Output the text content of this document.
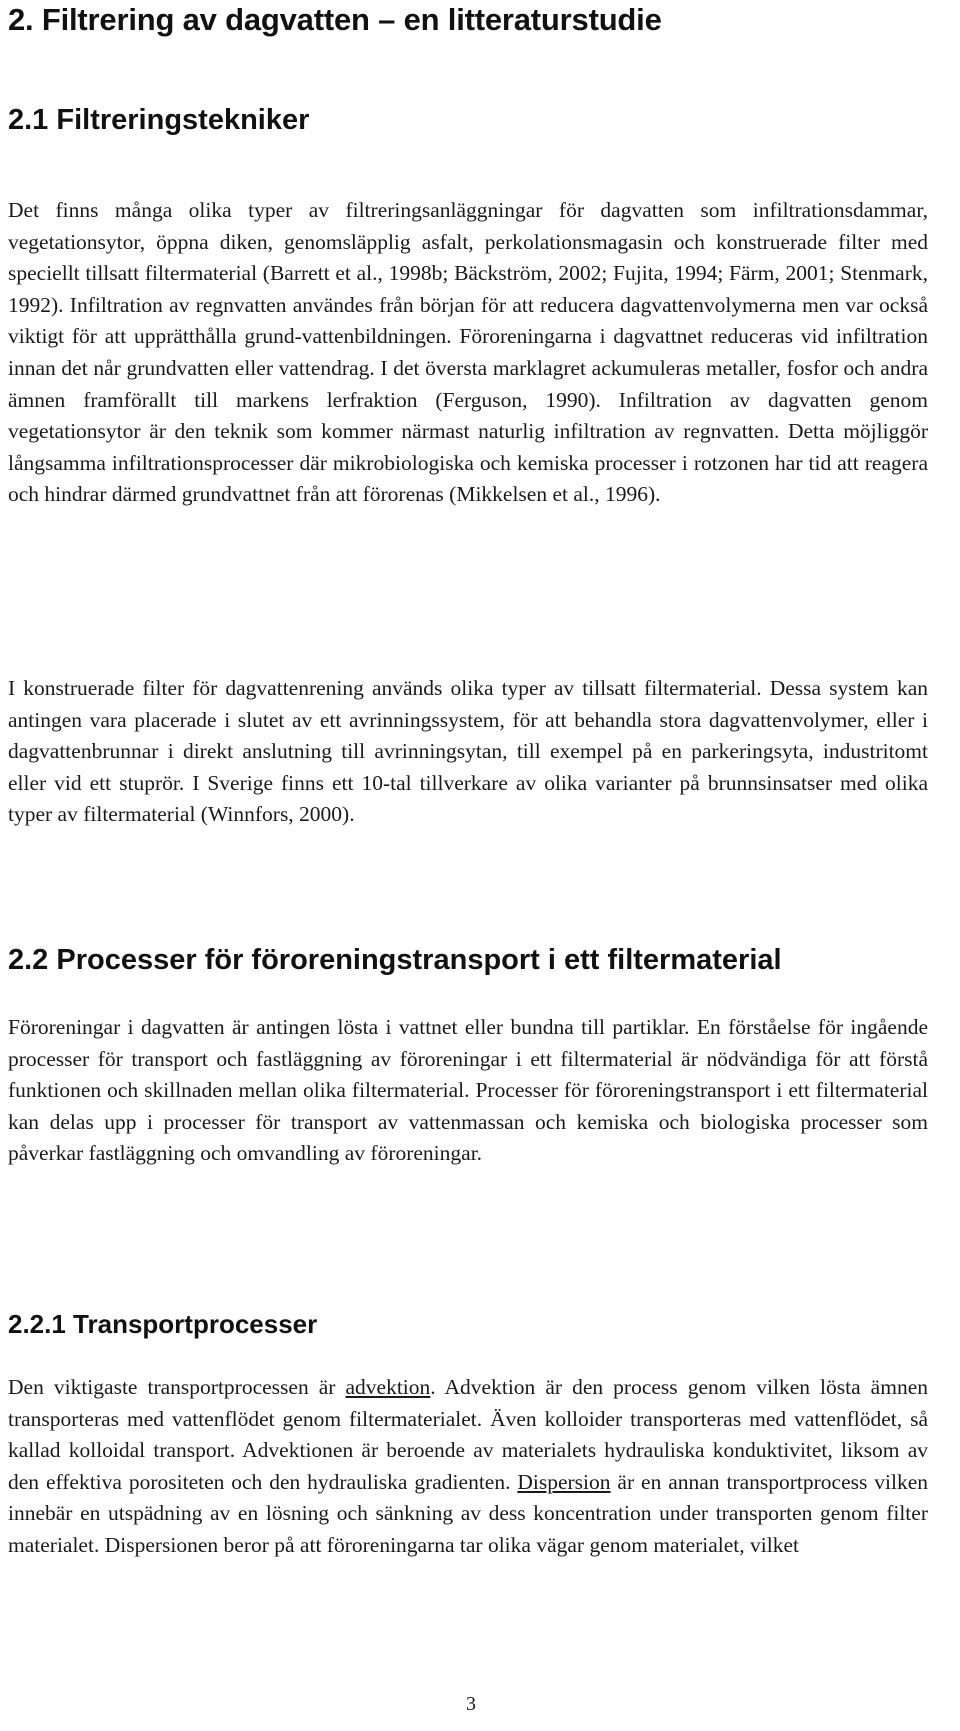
2. Filtrering av dagvatten – en litteraturstudie
2.1 Filtreringstekniker

Det finns många olika typer av filtreringsanläggningar för dagvatten som infiltrationsdammar, vegetationsytor, öppna diken, genomsläpplig asfalt, perkolationsmagasin och konstruerade filter med speciellt tillsatt filtermaterial (Barrett et al., 1998b; Bäckström, 2002; Fujita, 1994; Färm, 2001; Stenmark, 1992). Infiltration av regnvatten användes från början för att reducera dagvattenvolymerna men var också viktigt för att upprätthålla grund-vattenbildningen. Föroreningarna i dagvattnet reduceras vid infiltration innan det når grundvatten eller vattendrag. I det översta marklagret ackumuleras metaller, fosfor och andra ämnen framförallt till markens lerfraktion (Ferguson, 1990). Infiltration av dagvatten genom vegetationsytor är den teknik som kommer närmast naturlig infiltration av regnvatten. Detta möjliggör långsamma infiltrationsprocesser där mikrobiologiska och kemiska processer i rotzonen har tid att reagera och hindrar därmed grundvattnet från att förorenas (Mikkelsen et al., 1996).

I konstruerade filter för dagvattenrening används olika typer av tillsatt filtermaterial. Dessa system kan antingen vara placerade i slutet av ett avrinningssystem, för att behandla stora dagvattenvolymer, eller i dagvattenbrunnar i direkt anslutning till avrinningsytan, till exempel på en parkeringsyta, industritomt eller vid ett stuprör. I Sverige finns ett 10-tal tillverkare av olika varianter på brunnsinsatser med olika typer av filtermaterial (Winnfors, 2000).

2.2 Processer för föroreningstransport i ett filtermaterial

Föroreningar i dagvatten är antingen lösta i vattnet eller bundna till partiklar. En förståelse för ingående processer för transport och fastläggning av föroreningar i ett filtermaterial är nödvändiga för att förstå funktionen och skillnaden mellan olika filtermaterial. Processer för föroreningstransport i ett filtermaterial kan delas upp i processer för transport av vattenmassan och kemiska och biologiska processer som påverkar fastläggning och omvandling av föroreningar.

2.2.1 Transportprocesser

Den viktigaste transportprocessen är advektion. Advektion är den process genom vilken lösta ämnen transporteras med vattenflödet genom filtermaterialet. Även kolloider transporteras med vattenflödet, så kallad kolloidal transport. Advektionen är beroende av materialets hydrauliska konduktivitet, liksom av den effektiva porositeten och den hydrauliska gradienten. Dispersion är en annan transportprocess vilken innebär en utspädning av en lösning och sänkning av dess koncentration under transporten genom filter materialet. Dispersionen beror på att föroreningarna tar olika vägar genom materialet, vilket

3
